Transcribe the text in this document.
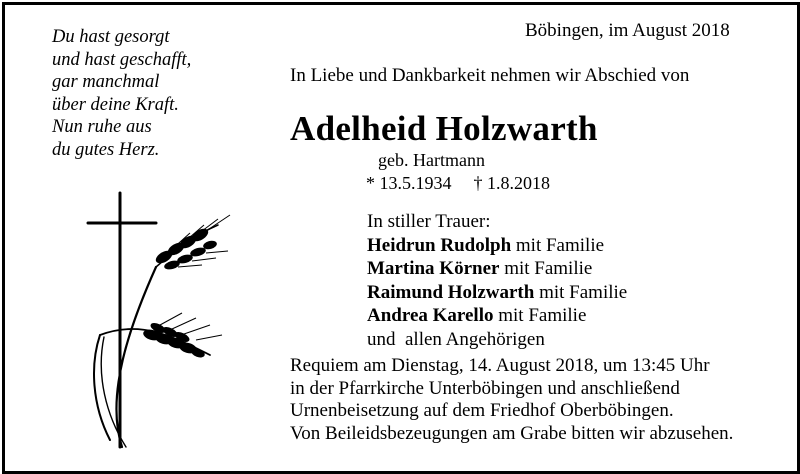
Du hast gesorgt
und hast geschafft,
gar manchmal
über deine Kraft.
Nun ruhe aus
du gutes Herz.
Böbingen, im August 2018
In Liebe und Dankbarkeit nehmen wir Abschied von
Adelheid Holzwarth
geb. Hartmann
* 13.5.1934 † 1.8.2018
In stiller Trauer:
Heidrun Rudolph mit Familie
Martina Körner mit Familie
Raimund Holzwarth mit Familie
Andrea Karello mit Familie
und  allen Angehörigen
Requiem am Dienstag, 14. August 2018, um 13:45 Uhr
in der Pfarrkirche Unterböbingen und anschließend
Urnenbeisetzung auf dem Friedhof Oberböbingen.
Von Beileidsbezeugungen am Grabe bitten wir abzusehen.
